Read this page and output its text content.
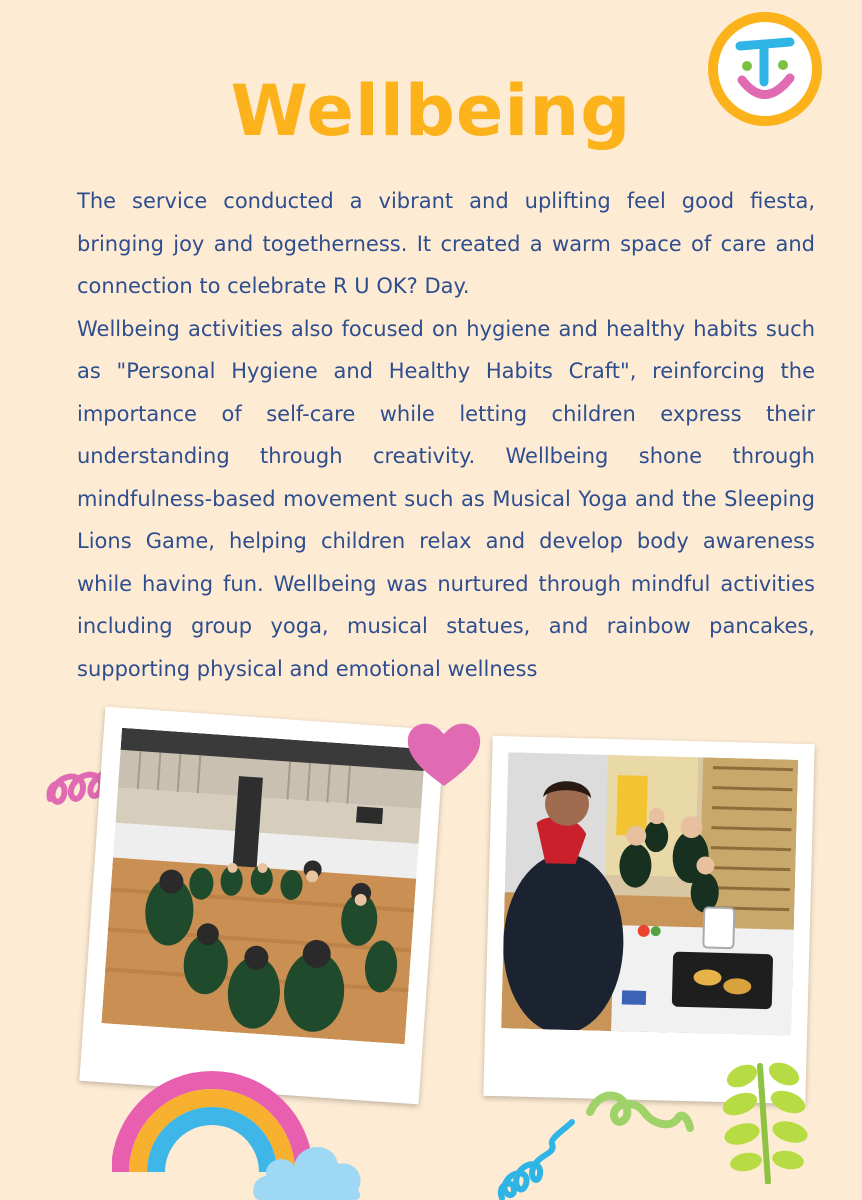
Wellbeing

The service conducted a vibrant and uplifting feel good fiesta, bringing joy and togetherness. It created a warm space of care and connection to celebrate R U OK? Day.

Wellbeing activities also focused on hygiene and healthy habits such as "Personal Hygiene and Healthy Habits Craft", reinforcing the importance of self-care while letting children express their understanding through creativity. Wellbeing shone through mindfulness-based movement such as Musical Yoga and the Sleeping Lions Game, helping children relax and develop body awareness while having fun. Wellbeing was nurtured through mindful activities including group yoga, musical statues, and rainbow pancakes, supporting physical and emotional wellness
